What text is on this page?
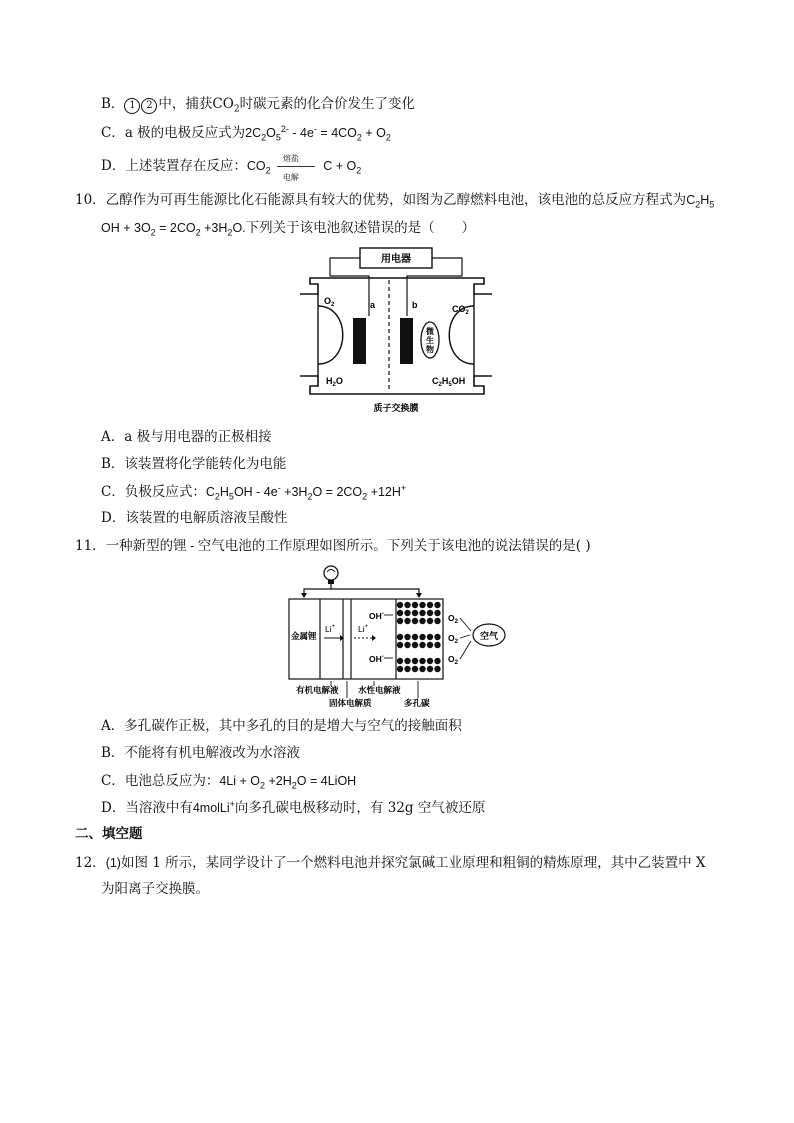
B． 1 2 中，捕获$CO_2$时碳元素的化合价发生了变化
C．a 极的电极反应式为$2C_2O_5^{2-} - 4e^- = 4CO_2 + O_2$
D．上述装置存在反应：$CO_2$
熔盐
电解
$C + O_2$
10．乙醇作为可再生能源比化石能源具有较大的优势，如图为乙醇燃料电池，该电池的总反应方程式为$C_2H_5$
OH + $3O_2 = 2CO_2 +3H_2O$.下列关于该电池叙述错误的是（　　）
用电器
微
生
物
$O_2$	a	b	$CO_2$
$H_2O$	$C_2H_5OH$
质子交换膜
A．a 极与用电器的正极相接
B．该装置将化学能转化为电能
C．负极反应式：$C_2H_5OH - 4e^- +3H_2O = 2CO_2 +12H^+$
D．该装置的电解质溶液呈酸性
11．一种新型的锂 - 空气电池的工作原理如图所示。下列关于该电池的说法错误的是( )
金属锂
Li+	Li+
OH-
OH-
$O_2$
$O_2$
$O_2$
空气
有机电解液
固体电解质
水性电解液
多孔碳
A．多孔碳作正极，其中多孔的目的是增大与空气的接触面积
B．不能将有机电解液改为水溶液
C．电池总反应为：$4Li + O_2 +2H_2O$ = 4LiOH
D．当溶液中有4molLi+向多孔碳电极移动时，有 32g 空气被还原
二、填空题
12．(1)如图 1 所示，某同学设计了一个燃料电池并探究氯碱工业原理和粗铜的精炼原理，其中乙装置中 X
为阳离子交换膜。
